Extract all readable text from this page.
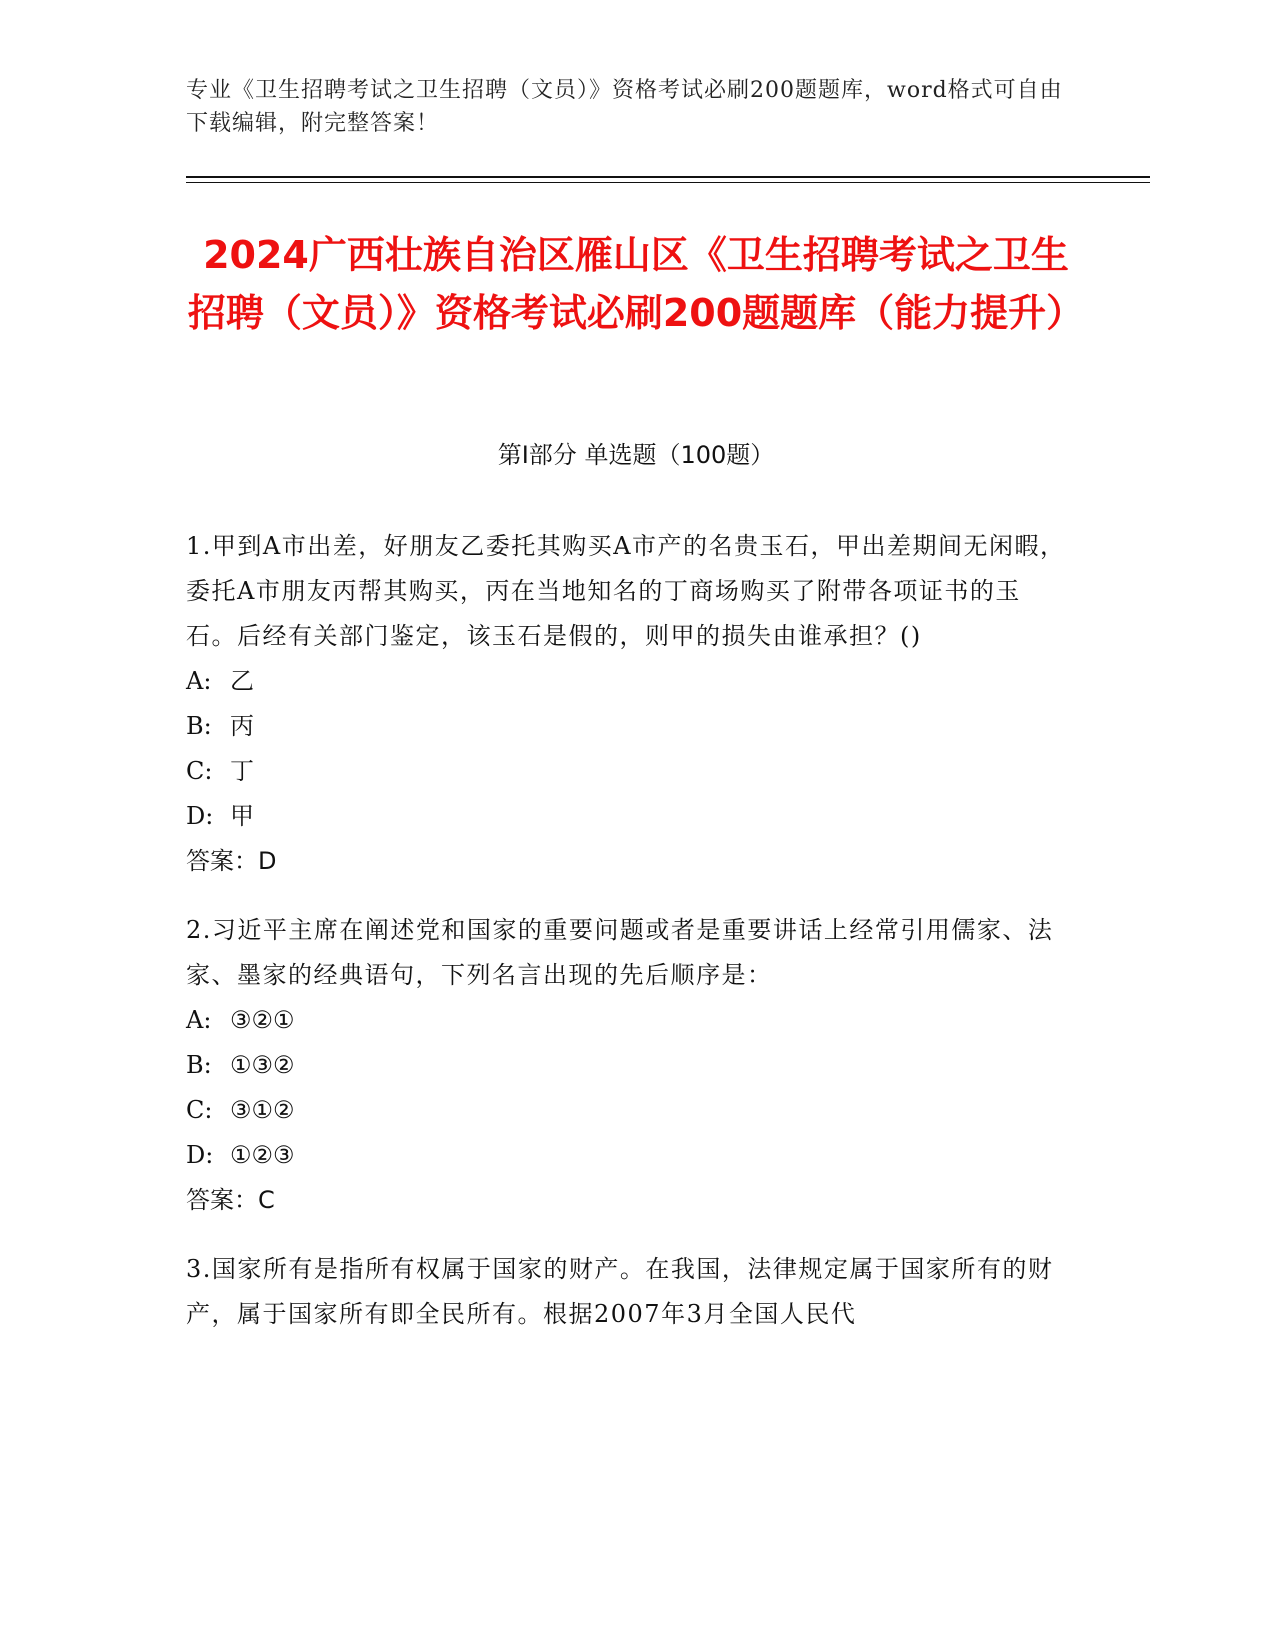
专业《卫生招聘考试之卫生招聘（文员）》资格考试必刷200题题库，word格式可自由下载编辑，附完整答案！
2024广西壮族自治区雁山区《卫生招聘考试之卫生招聘（文员）》资格考试必刷200题题库（能力提升）
第Ⅰ部分 单选题（100题）
1.甲到A市出差，好朋友乙委托其购买A市产的名贵玉石，甲出差期间无闲暇，委托A市朋友丙帮其购买，丙在当地知名的丁商场购买了附带各项证书的玉石。后经有关部门鉴定，该玉石是假的，则甲的损失由谁承担？()
A: 乙
B: 丙
C: 丁
D: 甲
答案：D
2.习近平主席在阐述党和国家的重要问题或者是重要讲话上经常引用儒家、法家、墨家的经典语句，下列名言出现的先后顺序是：
A: ③②①
B: ①③②
C: ③①②
D: ①②③
答案：C
3.国家所有是指所有权属于国家的财产。在我国，法律规定属于国家所有的财产，属于国家所有即全民所有。根据2007年3月全国人民代
